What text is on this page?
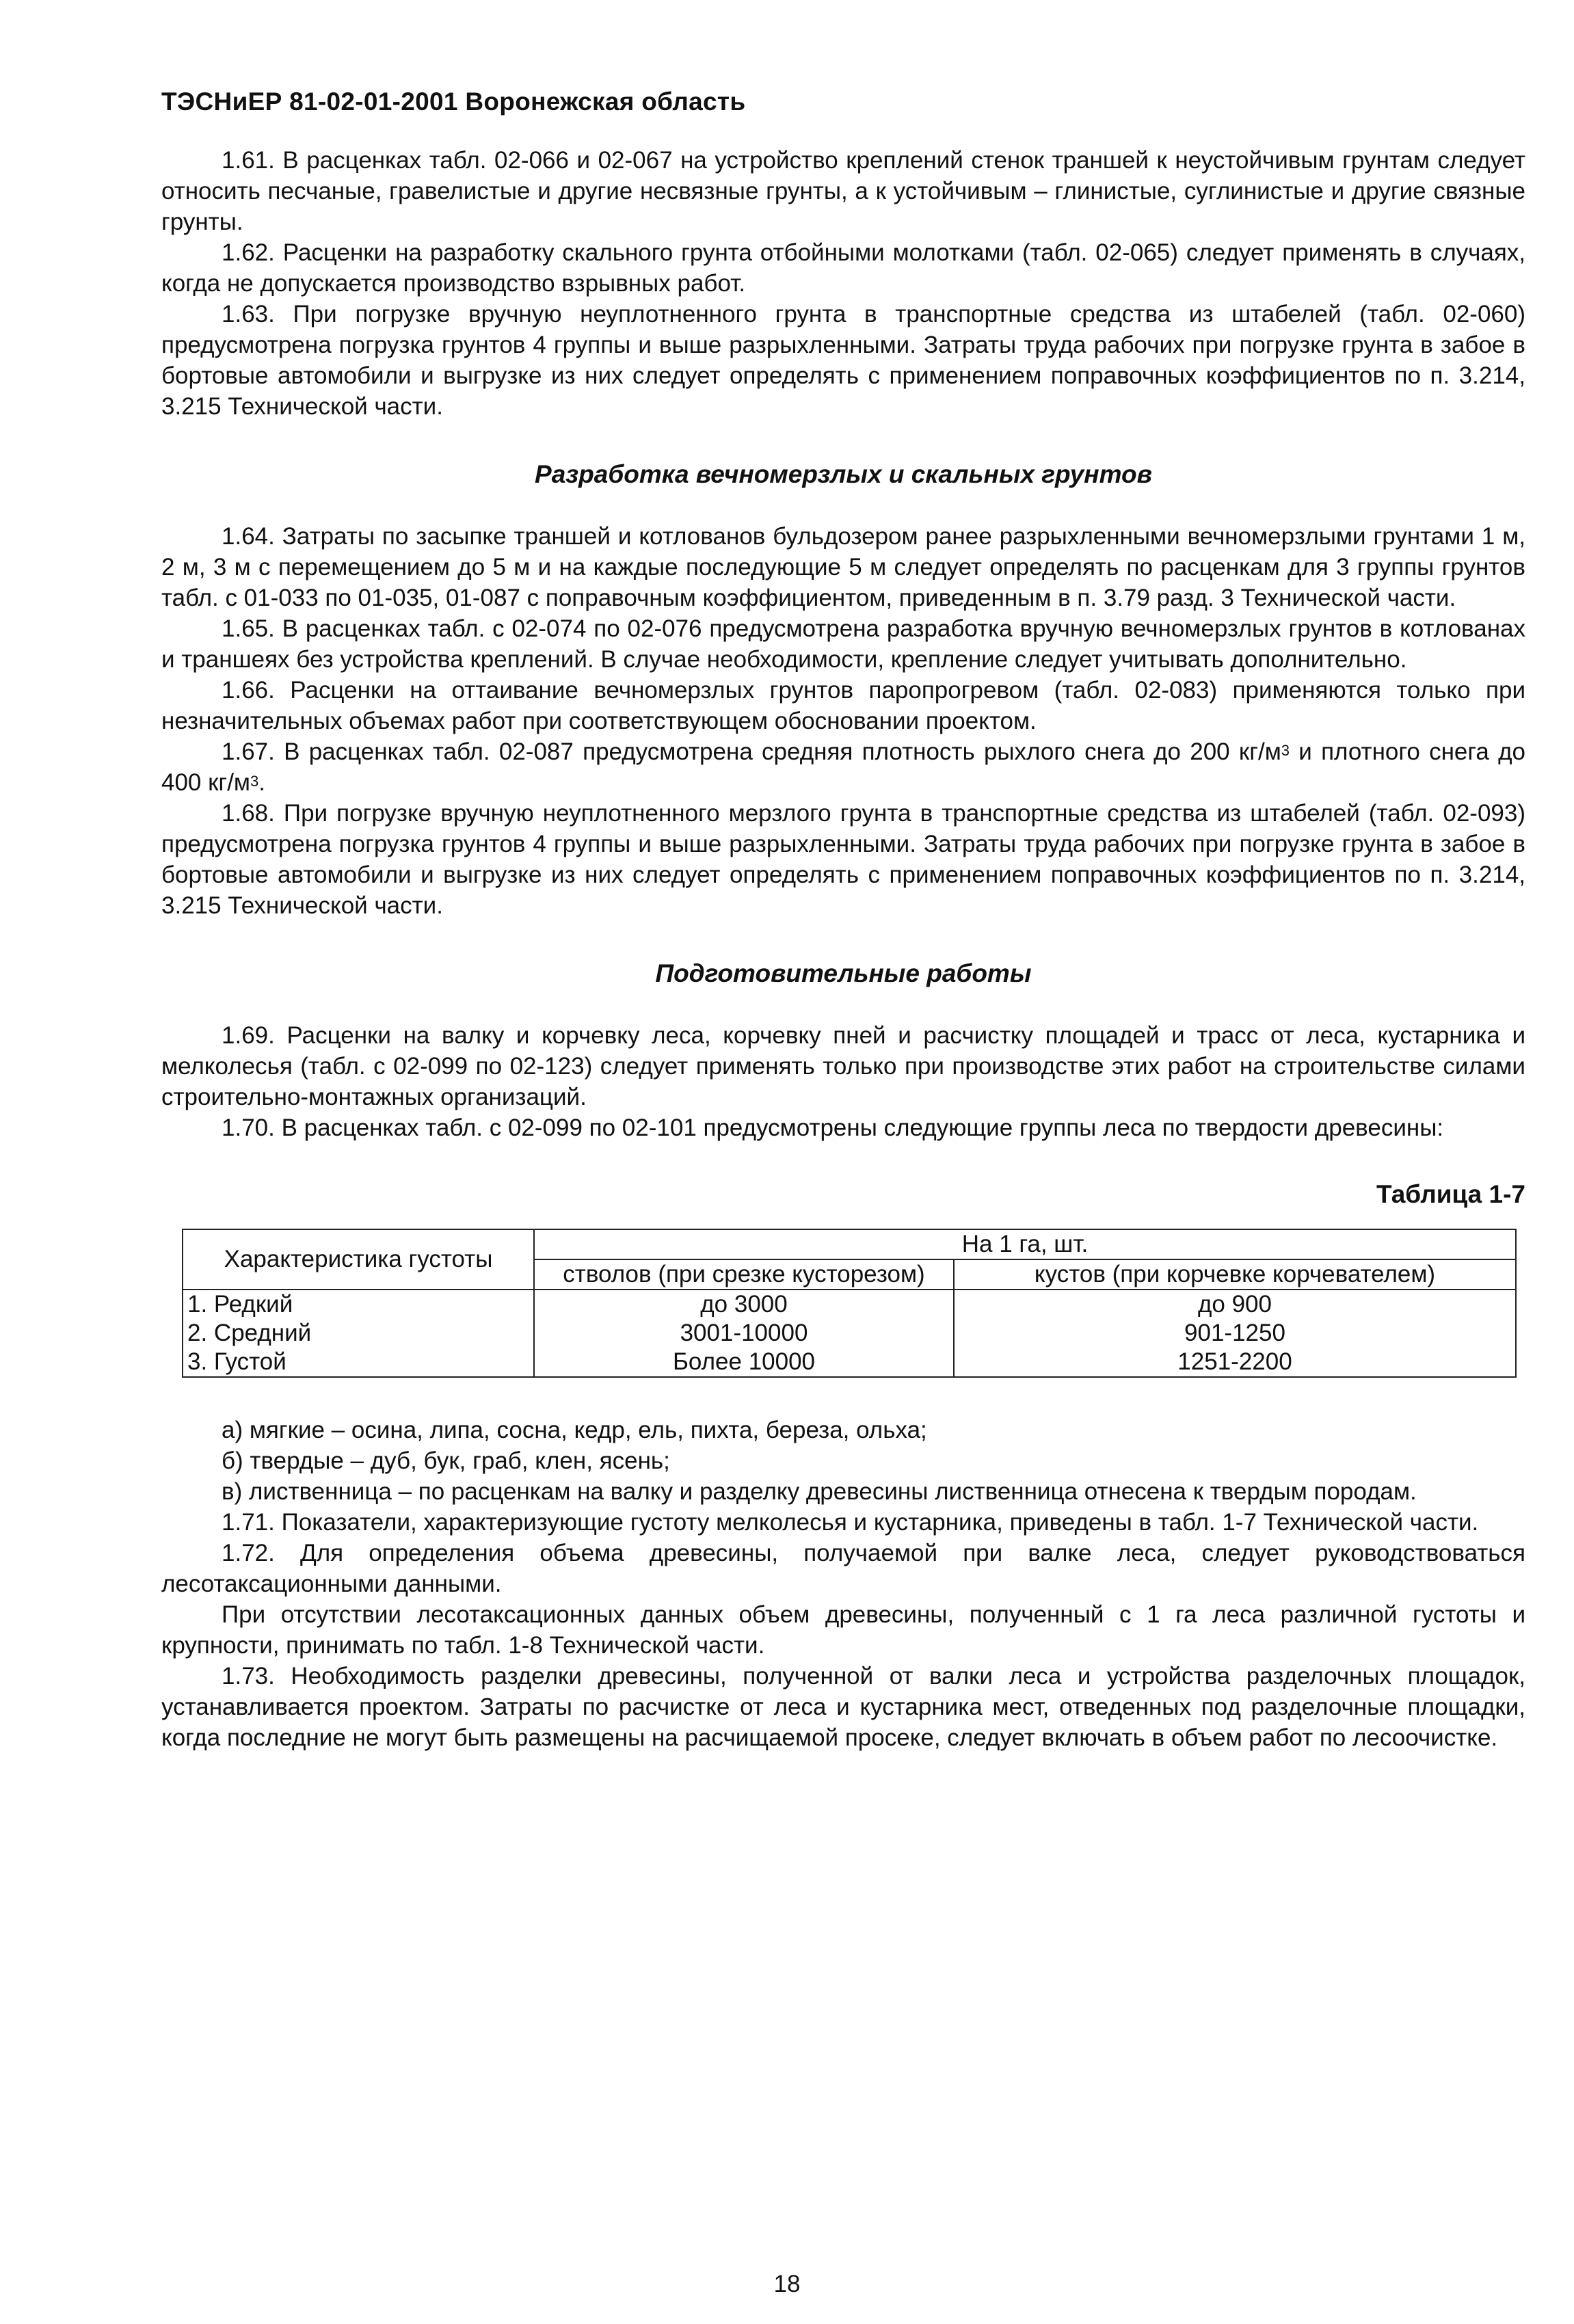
ТЭСНиЕР 81-02-01-2001 Воронежская область

1.61. В расценках табл. 02-066 и 02-067 на устройство креплений стенок траншей к неустойчивым грунтам следует относить песчаные, гравелистые и другие несвязные грунты, а к устойчивым – глинистые, суглинистые и другие связные грунты.

1.62. Расценки на разработку скального грунта отбойными молотками (табл. 02-065) следует применять в случаях, когда не допускается производство взрывных работ.

1.63. При погрузке вручную неуплотненного грунта в транспортные средства из штабелей (табл. 02-060) предусмотрена погрузка грунтов 4 группы и выше разрыхленными. Затраты труда рабочих при погрузке грунта в забое в бортовые автомобили и выгрузке из них следует определять с применением поправочных коэффициентов по п. 3.214, 3.215 Технической части.

Разработка вечномерзлых и скальных грунтов

1.64. Затраты по засыпке траншей и котлованов бульдозером ранее разрыхленными вечномерзлыми грунтами 1 м, 2 м, 3 м с перемещением до 5 м и на каждые последующие 5 м следует определять по расценкам для 3 группы грунтов табл. с 01-033 по 01-035, 01-087 с поправочным коэффициентом, приведенным в п. 3.79 разд. 3 Технической части.

1.65. В расценках табл. с 02-074 по 02-076 предусмотрена разработка вручную вечномерзлых грунтов в котлованах и траншеях без устройства креплений. В случае необходимости, крепление следует учитывать дополнительно.

1.66. Расценки на оттаивание вечномерзлых грунтов паропрогревом (табл. 02-083) применяются только при незначительных объемах работ при соответствующем обосновании проектом.

1.67. В расценках табл. 02-087 предусмотрена средняя плотность рыхлого снега до 200 $кг/м^3$ и плотного снега до 400 $кг/м^3$.

1.68. При погрузке вручную неуплотненного мерзлого грунта в транспортные средства из штабелей (табл. 02-093) предусмотрена погрузка грунтов 4 группы и выше разрыхленными. Затраты труда рабочих при погрузке грунта в забое в бортовые автомобили и выгрузке из них следует определять с применением поправочных коэффициентов по п. 3.214, 3.215 Технической части.

Подготовительные работы

1.69. Расценки на валку и корчевку леса, корчевку пней и расчистку площадей и трасс от леса, кустарника и мелколесья (табл. с 02-099 по 02-123) следует применять только при производстве этих работ на строительстве силами строительно-монтажных организаций.

1.70. В расценках табл. с 02-099 по 02-101 предусмотрены следующие группы леса по твердости древесины:

Таблица 1-7
Характеристика густоты	На 1 га, шт.	
	стволов (при срезке кусторезом)	кустов (при корчевке корчевателем)
1. Редкий	до 3000	до 900
2. Средний	3001-10000	901-1250
3. Густой	Более 10000	1251-2200

а) мягкие – осина, липа, сосна, кедр, ель, пихта, береза, ольха;

б) твердые – дуб, бук, граб, клен, ясень;

в) лиственница – по расценкам на валку и разделку древесины лиственница отнесена к твердым породам.

1.71. Показатели, характеризующие густоту мелколесья и кустарника, приведены в табл. 1-7 Технической части.

1.72. Для определения объема древесины, получаемой при валке леса, следует руководствоваться лесотаксационными данными.

При отсутствии лесотаксационных данных объем древесины, полученный с 1 га леса различной густоты и крупности, принимать по табл. 1-8 Технической части.

1.73. Необходимость разделки древесины, полученной от валки леса и устройства разделочных площадок, устанавливается проектом. Затраты по расчистке от леса и кустарника мест, отведенных под разделочные площадки, когда последние не могут быть размещены на расчищаемой просеке, следует включать в объем работ по лесоочистке.

18
